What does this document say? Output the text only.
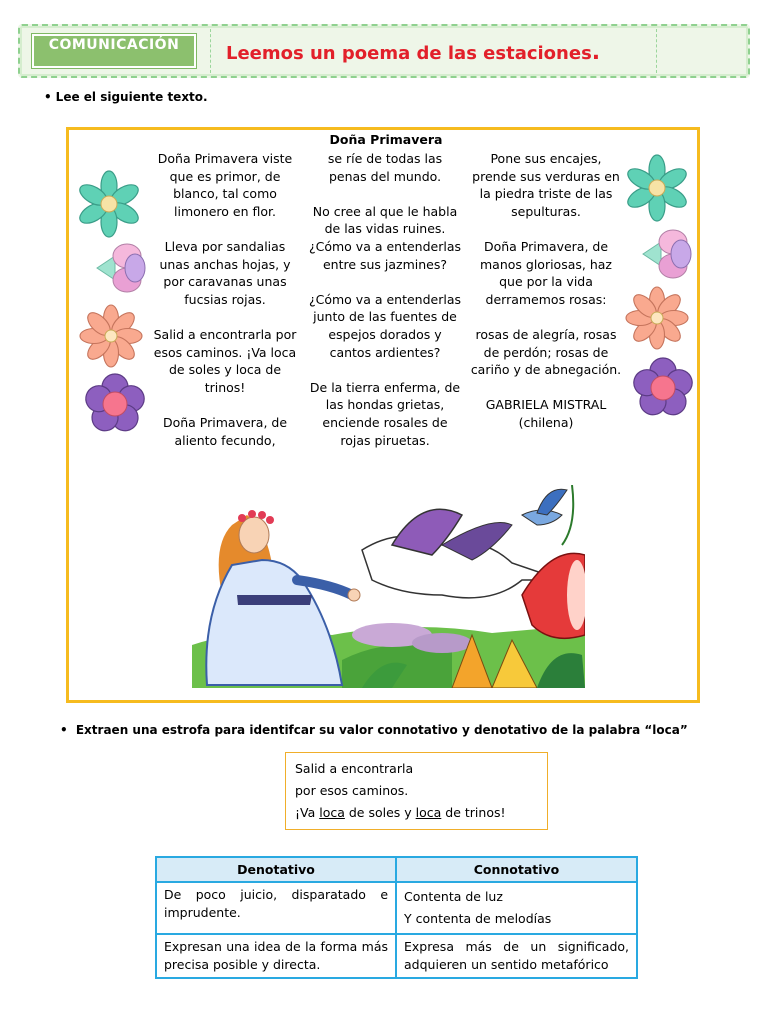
COMUNICACIÓN	Leemos un poema de las estaciones.
• Lee el siguiente texto.
Doña Primavera

Doña Primavera viste que es primor, de blanco, tal como limonero en flor.

Lleva por sandalias unas anchas hojas, y por caravanas unas fucsias rojas.

Salid a encontrarla por esos caminos. ¡Va loca de soles y loca de trinos!

Doña Primavera, de aliento fecundo,

se ríe de todas las penas del mundo.

No cree al que le habla de las vidas ruines. ¿Cómo va a entenderlas entre sus jazmines?

¿Cómo va a entenderlas junto de las fuentes de espejos dorados y cantos ardientes?

De la tierra enferma, de las hondas grietas, enciende rosales de rojas piruetas.

Pone sus encajes, prende sus verduras en la piedra triste de las sepulturas.

Doña Primavera, de manos gloriosas, haz que por la vida derramemos rosas:

rosas de alegría, rosas de perdón; rosas de cariño y de abnegación.

GABRIELA MISTRAL (chilena)

• Extraen una estrofa para identifcar su valor connotativo y denotativo de la palabra “loca”
Salid a encontrarla
por esos caminos.
¡Va loca de soles y loca de trinos!
Denotativo	Connotativo
De poco juicio, disparatado e imprudente.	Contenta de luz
Y contenta de melodías

Expresan una idea de la forma más precisa posible y directa.	Expresa más de un significado, adquieren un sentido metafórico
